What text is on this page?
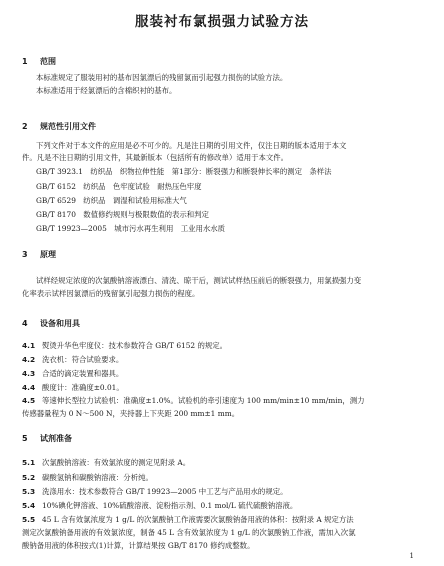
服装衬布氯损强力试验方法
1 范围
本标准规定了服装用衬的基布因氯漂后的残留氯而引起强力损伤的试验方法。
本标准适用于经氯漂后的含棉织衬的基布。
2 规范性引用文件
下列文件对于本文件的应用是必不可少的。凡是注日期的引用文件，仅注日期的版本适用于本文
件。凡是不注日期的引用文件，其最新版本（包括所有的修改单）适用于本文件。
GB/T 3923.1　纺织品　织物拉伸性能　第1部分：断裂强力和断裂伸长率的测定　条样法
GB/T 6152　纺织品　色牢度试验　耐热压色牢度
GB/T 6529　纺织品　调湿和试验用标准大气
GB/T 8170　数值修约规则与极限数值的表示和判定
GB/T 19923—2005　城市污水再生利用　工业用水水质
3 原理
试样经规定浓度的次氯酸钠溶液漂白、清洗、晾干后，测试试样热压前后的断裂强力，用氯损强力变
化率表示试样因氯漂后的残留氯引起强力损伤的程度。
4 设备和用具
4.1 熨烫升华色牢度仪：技术参数符合 GB/T 6152 的规定。
4.2 洗衣机：符合试验要求。
4.3 合适的滴定装置和器具。
4.4 酸度计：准确度±0.01。
4.5 等速伸长型拉力试验机：准确度±1.0%。试验机的牵引速度为 100 mm/min±10 mm/min，测力
传感器量程为 0 N～500 N，夹持器上下夹距 200 mm±1 mm。
5 试剂准备
5.1 次氯酸钠溶液：有效氯浓度的测定见附录 A。
5.2 碳酸氢钠和碳酸钠溶液：分析纯。
5.3 洗涤用水：技术参数符合 GB/T 19923—2005 中工艺与产品用水的规定。
5.4 10%碘化钾溶液、10%硫酸溶液、淀粉指示剂、0.1 mol/L 硫代硫酸钠溶液。
5.5 45 L 含有效氯浓度为 1 g/L 的次氯酸钠工作液需要次氯酸钠备用液的体积：按附录 A 规定方法
测定次氯酸钠备用液的有效氯浓度，制备 45 L 含有效氯浓度为 1 g/L 的次氯酸钠工作液，需加入次氯
酸钠备用液的体积按式(1)计算，计算结果按 GB/T 8170 修约成整数。
1
